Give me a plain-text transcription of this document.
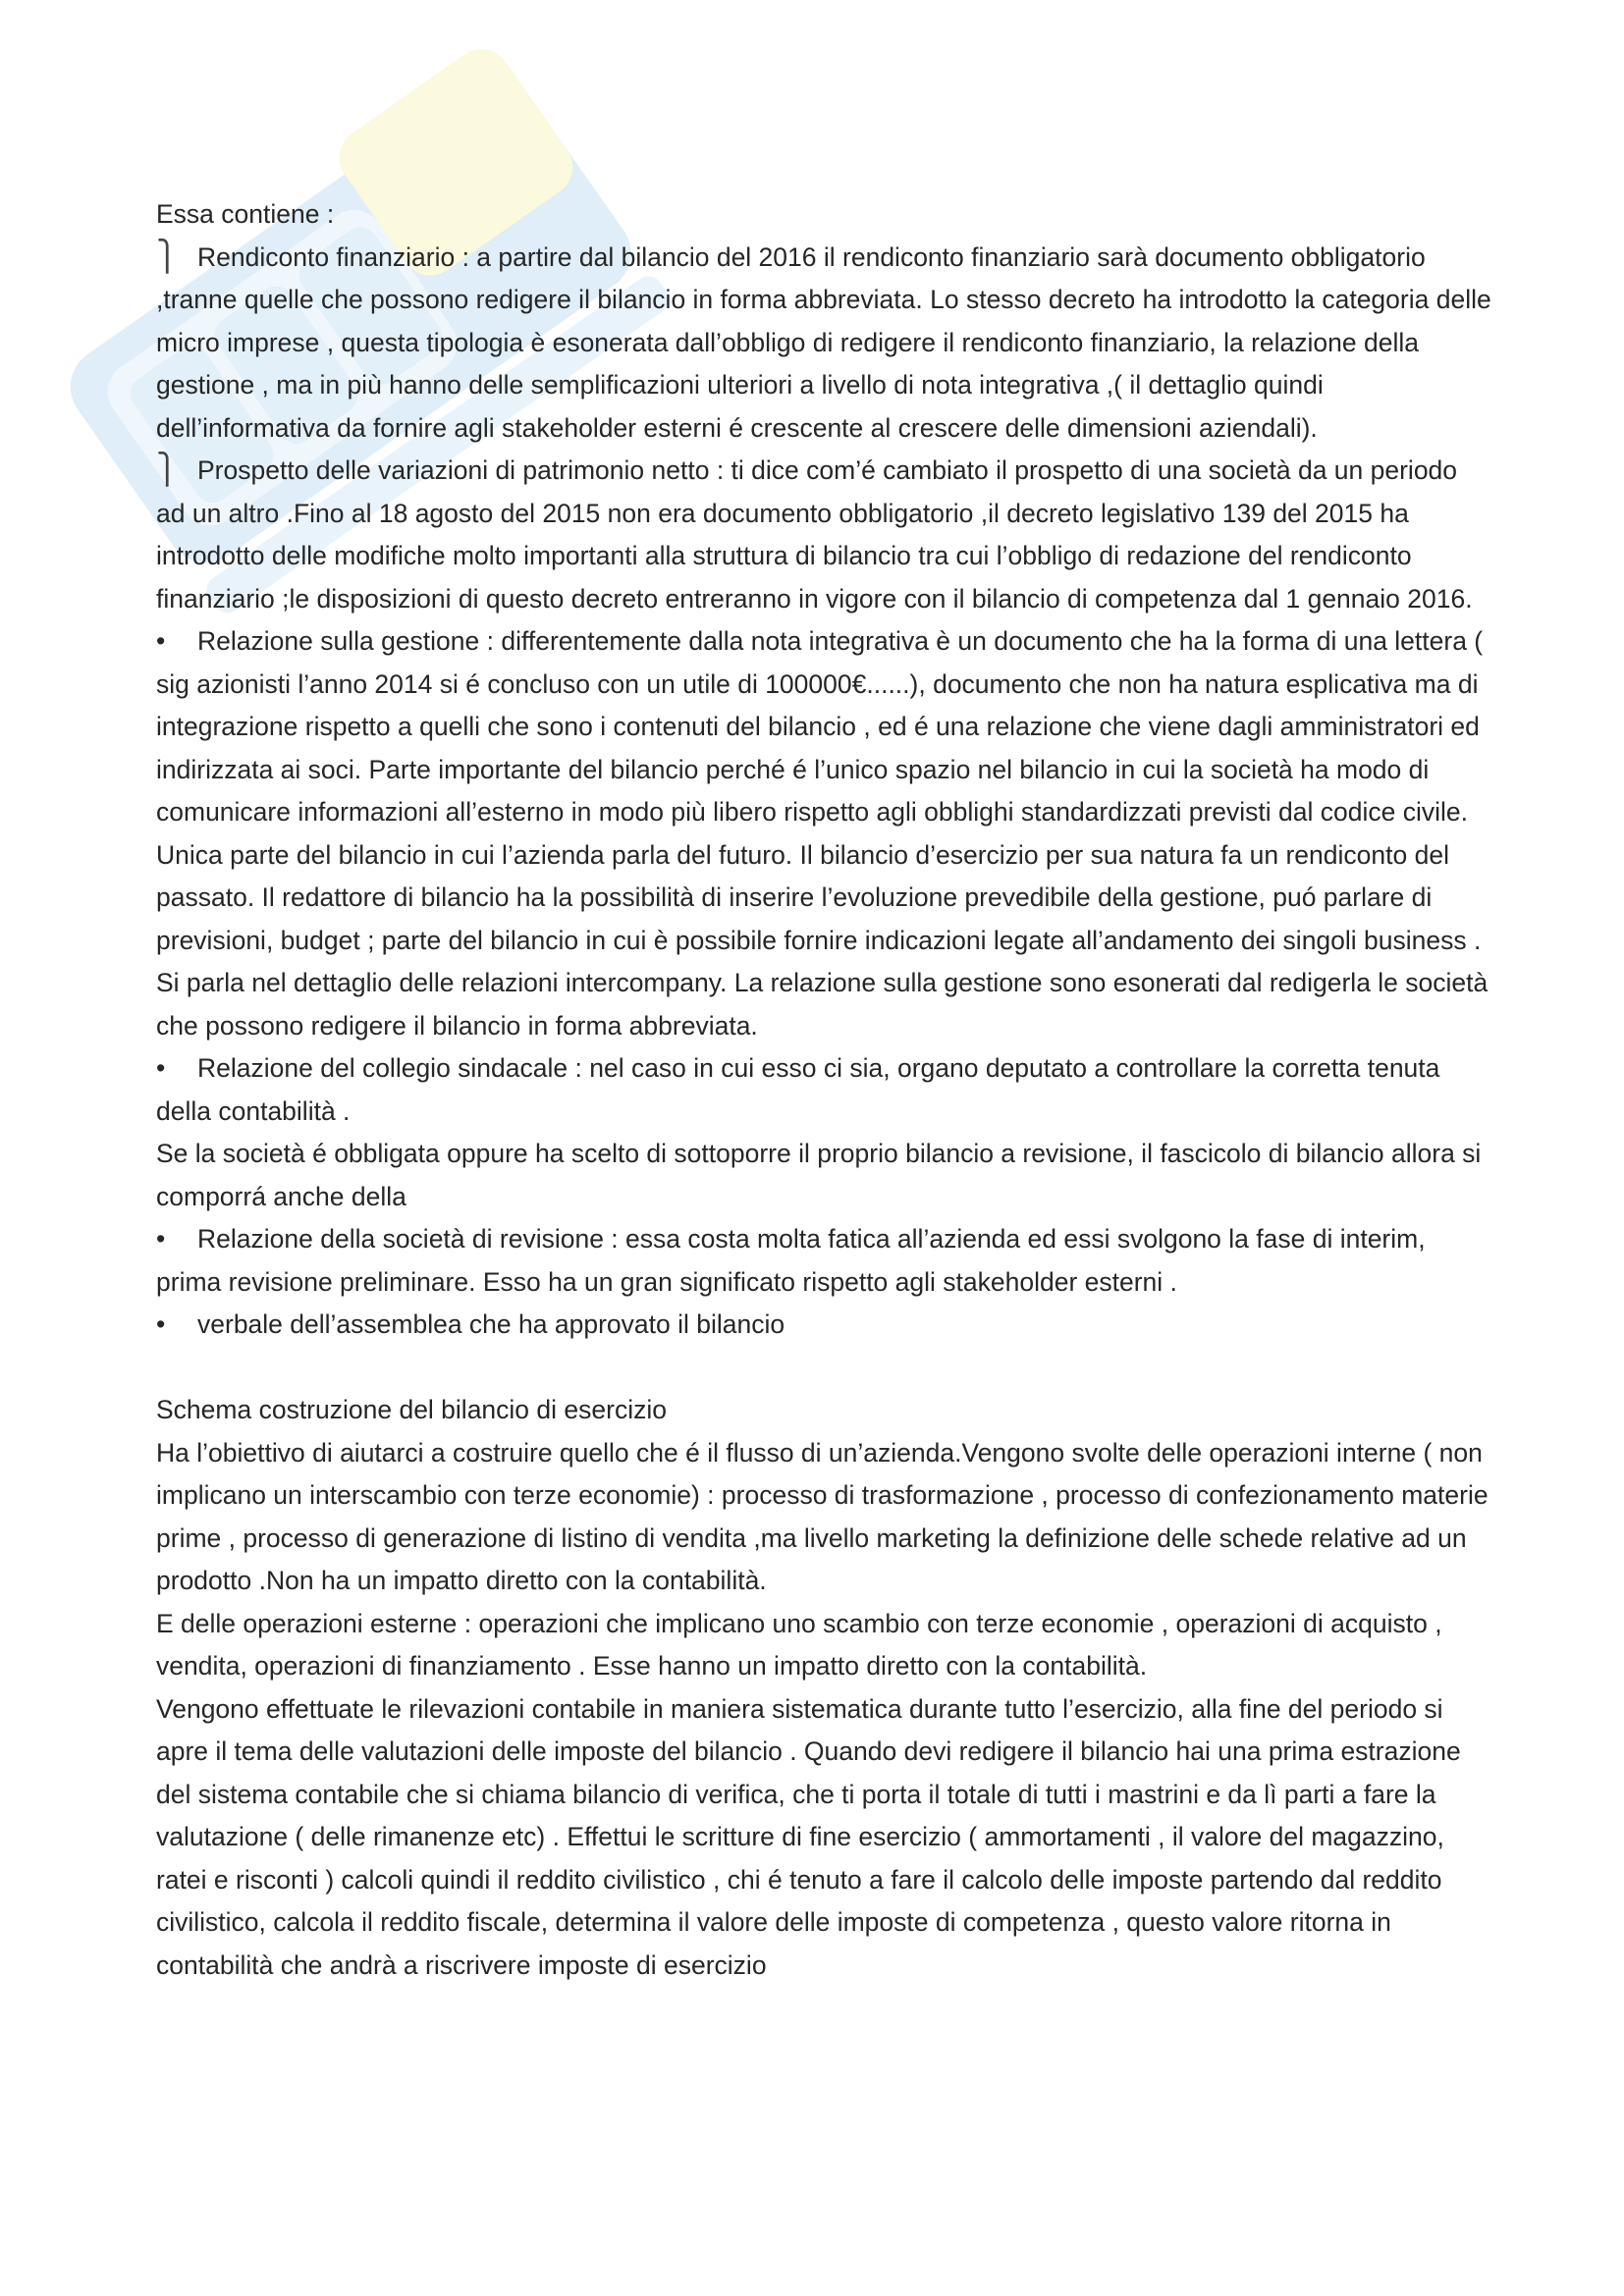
Essa contiene :

⎫ Rendiconto finanziario : a partire dal bilancio del 2016 il rendiconto finanziario sarà documento obbligatorio ,tranne quelle che possono redigere il bilancio in forma abbreviata. Lo stesso decreto ha introdotto la categoria delle micro imprese , questa tipologia è esonerata dall’obbligo di redigere il rendiconto finanziario, la relazione della gestione , ma in più hanno delle semplificazioni ulteriori a livello di nota integrativa ,( il dettaglio quindi dell’informativa da fornire agli stakeholder esterni é crescente al crescere delle dimensioni aziendali).

⎫ Prospetto delle variazioni di patrimonio netto : ti dice com’é cambiato il prospetto di una società da un periodo ad un altro .Fino al 18 agosto del 2015 non era documento obbligatorio ,il decreto legislativo 139 del 2015 ha introdotto delle modifiche molto importanti alla struttura di bilancio tra cui l’obbligo di redazione del rendiconto finanziario ;le disposizioni di questo decreto entreranno in vigore con il bilancio di competenza dal 1 gennaio 2016.

• Relazione sulla gestione : differentemente dalla nota integrativa è un documento che ha la forma di una lettera ( sig azionisti l’anno 2014 si é concluso con un utile di 100000€......), documento che non ha natura esplicativa ma di integrazione rispetto a quelli che sono i contenuti del bilancio , ed é una relazione che viene dagli amministratori ed indirizzata ai soci. Parte importante del bilancio perché é l’unico spazio nel bilancio in cui la società ha modo di comunicare informazioni all’esterno in modo più libero rispetto agli obblighi standardizzati previsti dal codice civile. Unica parte del bilancio in cui l’azienda parla del futuro. Il bilancio d’esercizio per sua natura fa un rendiconto del passato. Il redattore di bilancio ha la possibilità di inserire l’evoluzione prevedibile della gestione, puó parlare di previsioni, budget ; parte del bilancio in cui è possibile fornire indicazioni legate all’andamento dei singoli business . Si parla nel dettaglio delle relazioni intercompany. La relazione sulla gestione sono esonerati dal redigerla le società che possono redigere il bilancio in forma abbreviata.

• Relazione del collegio sindacale : nel caso in cui esso ci sia, organo deputato a controllare la corretta tenuta della contabilità .

Se la società é obbligata oppure ha scelto di sottoporre il proprio bilancio a revisione, il fascicolo di bilancio allora si comporrá anche della

• Relazione della società di revisione : essa costa molta fatica all’azienda ed essi svolgono la fase di interim, prima revisione preliminare. Esso ha un gran significato rispetto agli stakeholder esterni .

• verbale dell’assemblea che ha approvato il bilancio

Schema costruzione del bilancio di esercizio

Ha l’obiettivo di aiutarci a costruire quello che é il flusso di un’azienda.Vengono svolte delle operazioni interne ( non implicano un interscambio con terze economie) : processo di trasformazione , processo di confezionamento materie prime , processo di generazione di listino di vendita ,ma livello marketing la definizione delle schede relative ad un prodotto .Non ha un impatto diretto con la contabilità.

E delle operazioni esterne : operazioni che implicano uno scambio con terze economie , operazioni di acquisto , vendita, operazioni di finanziamento . Esse hanno un impatto diretto con la contabilità.

Vengono effettuate le rilevazioni contabile in maniera sistematica durante tutto l’esercizio, alla fine del periodo si apre il tema delle valutazioni delle imposte del bilancio . Quando devi redigere il bilancio hai una prima estrazione del sistema contabile che si chiama bilancio di verifica, che ti porta il totale di tutti i mastrini e da lì parti a fare la valutazione ( delle rimanenze etc) . Effettui le scritture di fine esercizio ( ammortamenti , il valore del magazzino, ratei e risconti ) calcoli quindi il reddito civilistico , chi é tenuto a fare il calcolo delle imposte partendo dal reddito civilistico, calcola il reddito fiscale, determina il valore delle imposte di competenza , questo valore ritorna in contabilità che andrà a riscrivere imposte di esercizio
